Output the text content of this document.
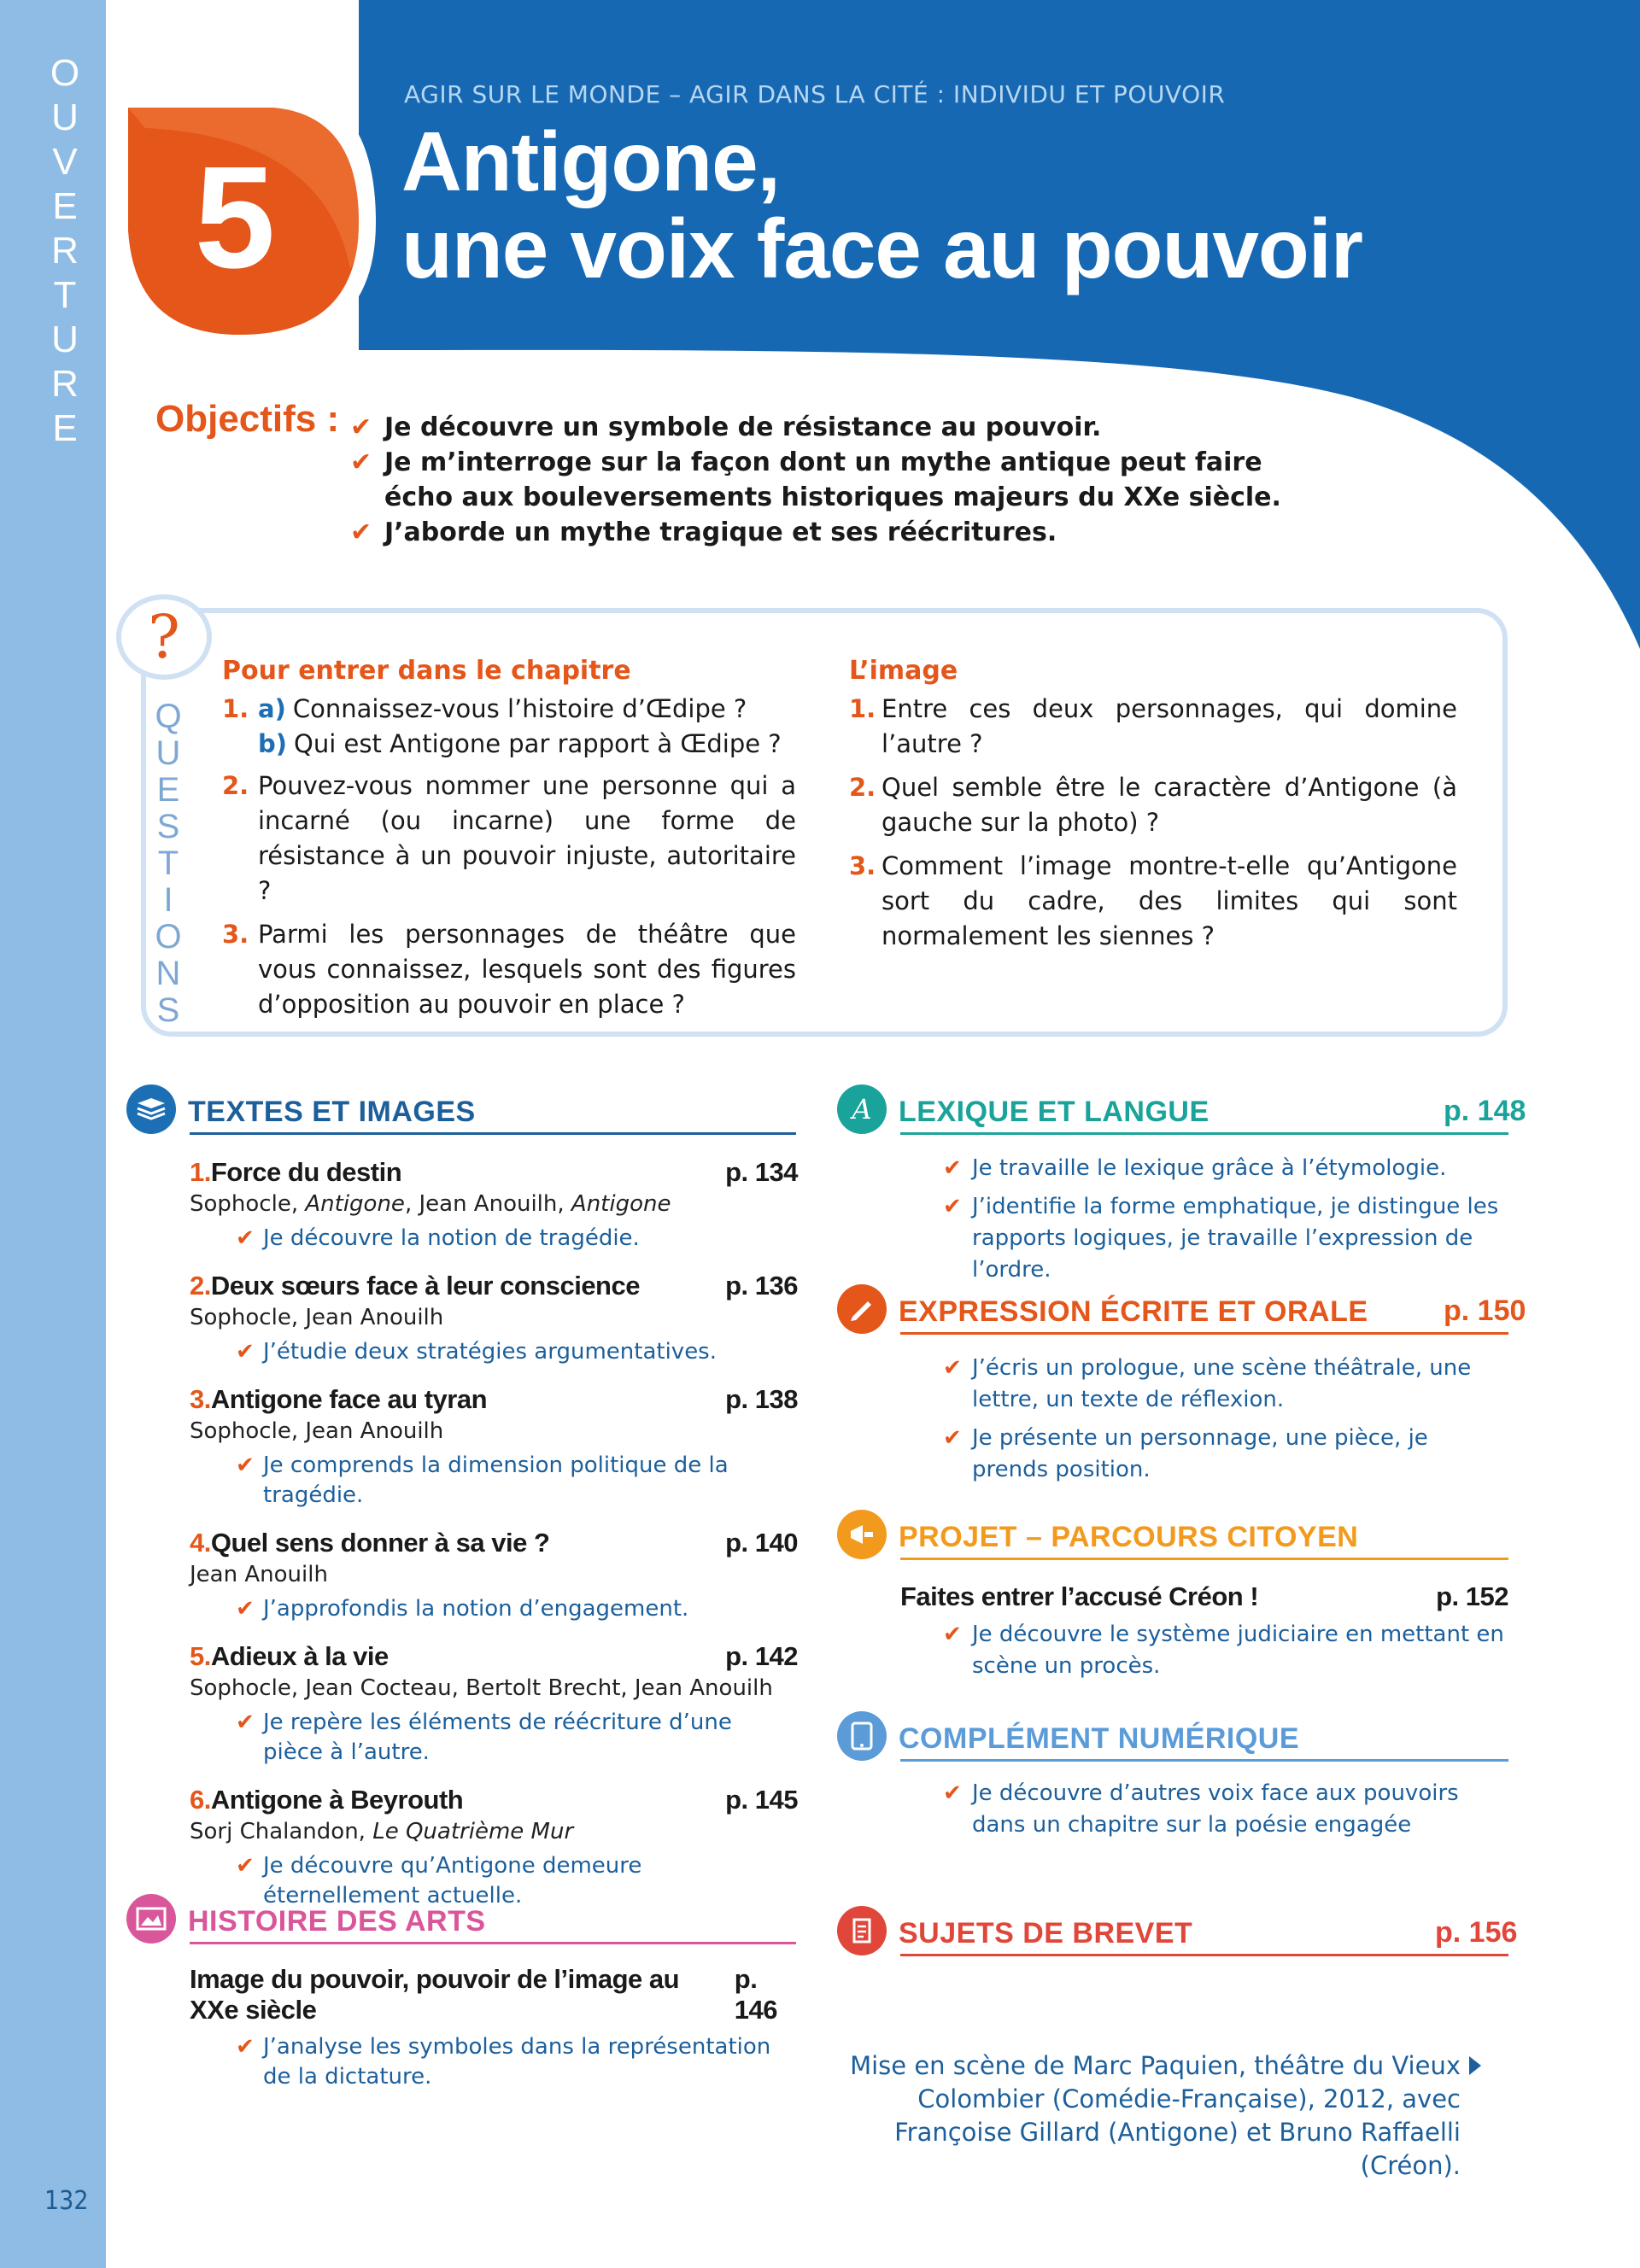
O
U
V
E
R
T
U
R
E
132
5
AGIR SUR LE MONDE – AGIR DANS LA CITÉ : INDIVIDU ET POUVOIR
Antigone,
une voix face au pouvoir
Objectifs : ✔ Je découvre un symbole de résistance au pouvoir.
✔ Je m’interroge sur la façon dont un mythe antique peut faire écho aux bouleversements historiques majeurs du XXe siècle.
✔ J’aborde un mythe tragique et ses réécritures.
?
Q
U
E
S
T
I
O
N
S
Pour entrer dans le chapitre
1. a) Connaissez-vous l’histoire d’Œdipe ?
b) Qui est Antigone par rapport à Œdipe ?
2. Pouvez-vous nommer une personne qui a incarné (ou incarne) une forme de résistance à un pouvoir injuste, autoritaire ?
3. Parmi les personnages de théâtre que vous connaissez, lesquels sont des figures d’opposition au pouvoir en place ?
L’image
1. Entre ces deux personnages, qui domine l’autre ?
2. Quel semble être le caractère d’Antigone (à gauche sur la photo) ?
3. Comment l’image montre-t-elle qu’Antigone sort du cadre, des limites qui sont normalement les siennes ?
TEXTES ET IMAGES
1.Force du destin	p. 134
Sophocle, Antigone, Jean Anouilh, Antigone
✔ Je découvre la notion de tragédie.
2.Deux sœurs face à leur conscience	p. 136
Sophocle, Jean Anouilh
✔ J’étudie deux stratégies argumentatives.
3.Antigone face au tyran	p. 138
Sophocle, Jean Anouilh
✔ Je comprends la dimension politique de la tragédie.
4.Quel sens donner à sa vie ?	p. 140
Jean Anouilh
✔ J’approfondis la notion d’engagement.
5.Adieux à la vie	p. 142
Sophocle, Jean Cocteau, Bertolt Brecht, Jean Anouilh
✔ Je repère les éléments de réécriture d’une pièce à l’autre.
6.Antigone à Beyrouth	p. 145
Sorj Chalandon, Le Quatrième Mur
✔ Je découvre qu’Antigone demeure éternellement actuelle.
HISTOIRE DES ARTS
Image du pouvoir, pouvoir de l’image au XXe siècle
p. 146
✔ J’analyse les symboles dans la représentation de la dictature.
A LEXIQUE ET LANGUE	p. 148
✔ Je travaille le lexique grâce à l’étymologie.
✔ J’identifie la forme emphatique, je distingue les rapports logiques, je travaille l’expression de l’ordre.
EXPRESSION ÉCRITE ET ORALE	p. 150
✔ J’écris un prologue, une scène théâtrale, une lettre, un texte de réflexion.
✔ Je présente un personnage, une pièce, je prends position.
PROJET – PARCOURS CITOYEN
Faites entrer l’accusé Créon !	p. 152
✔ Je découvre le système judiciaire en mettant en scène un procès.
COMPLÉMENT NUMÉRIQUE
✔ Je découvre d’autres voix face aux pouvoirs dans un chapitre sur la poésie engagée
SUJETS DE BREVET	p. 156
Mise en scène de Marc Paquien, théâtre du Vieux Colombier (Comédie-Française), 2012, avec Françoise Gillard (Antigone) et Bruno Raffaelli (Créon).
